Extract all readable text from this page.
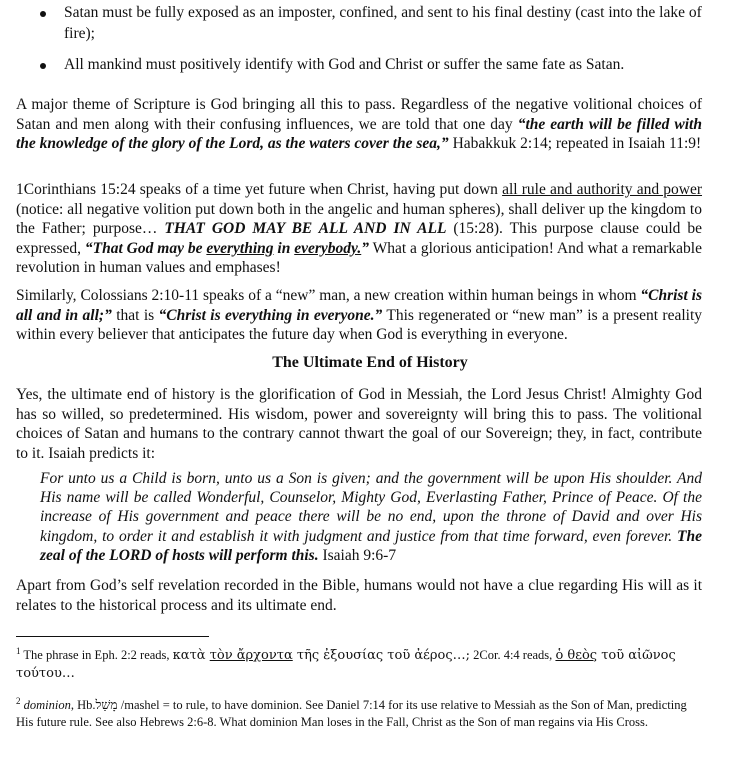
Satan must be fully exposed as an imposter, confined, and sent to his final destiny (cast into the lake of fire);
All mankind must positively identify with God and Christ or suffer the same fate as Satan.

A major theme of Scripture is God bringing all this to pass. Regardless of the negative volitional choices of Satan and men along with their confusing influences, we are told that one day “the earth will be filled with the knowledge of the glory of the Lord, as the waters cover the sea,” Habakkuk 2:14; repeated in Isaiah 11:9!

1Corinthians 15:24 speaks of a time yet future when Christ, having put down all rule and authority and power (notice: all negative volition put down both in the angelic and human spheres), shall deliver up the kingdom to the Father; purpose… THAT GOD MAY BE ALL AND IN ALL (15:28). This purpose clause could be expressed, “That God may be everything in everybody.” What a glorious anticipation! And what a remarkable revolution in human values and emphases!

Similarly, Colossians 2:10-11 speaks of a “new” man, a new creation within human beings in whom “Christ is all and in all;” that is “Christ is everything in everyone.” This regenerated or “new man” is a present reality within every believer that anticipates the future day when God is everything in everyone.

The Ultimate End of History

Yes, the ultimate end of history is the glorification of God in Messiah, the Lord Jesus Christ! Almighty God has so willed, so predetermined. His wisdom, power and sovereignty will bring this to pass. The volitional choices of Satan and humans to the contrary cannot thwart the goal of our Sovereign; they, in fact, contribute to it. Isaiah predicts it:

For unto us a Child is born, unto us a Son is given; and the government will be upon His shoulder. And His name will be called Wonderful, Counselor, Mighty God, Everlasting Father, Prince of Peace. Of the increase of His government and peace there will be no end, upon the throne of David and over His kingdom, to order it and establish it with judgment and justice from that time forward, even forever. The zeal of the LORD of hosts will perform this. Isaiah 9:6-7

Apart from God’s self revelation recorded in the Bible, humans would not have a clue regarding His will as it relates to the historical process and its ultimate end.

$^1$ The phrase in Eph. 2:2 reads, κατὰ τὸν ἄρχοντα τῆς ἐξουσίας τοῦ ἀέρος…; 2Cor. 4:4 reads, ὁ θεὸς τοῦ αἰῶνος τούτου…

$^2$ dominion, Hb.מָשַׁל /mashel = to rule, to have dominion. See Daniel 7:14 for its use relative to Messiah as the Son of Man, predicting His future rule. See also Hebrews 2:6-8. What dominion Man loses in the Fall, Christ as the Son of man regains via His Cross.
